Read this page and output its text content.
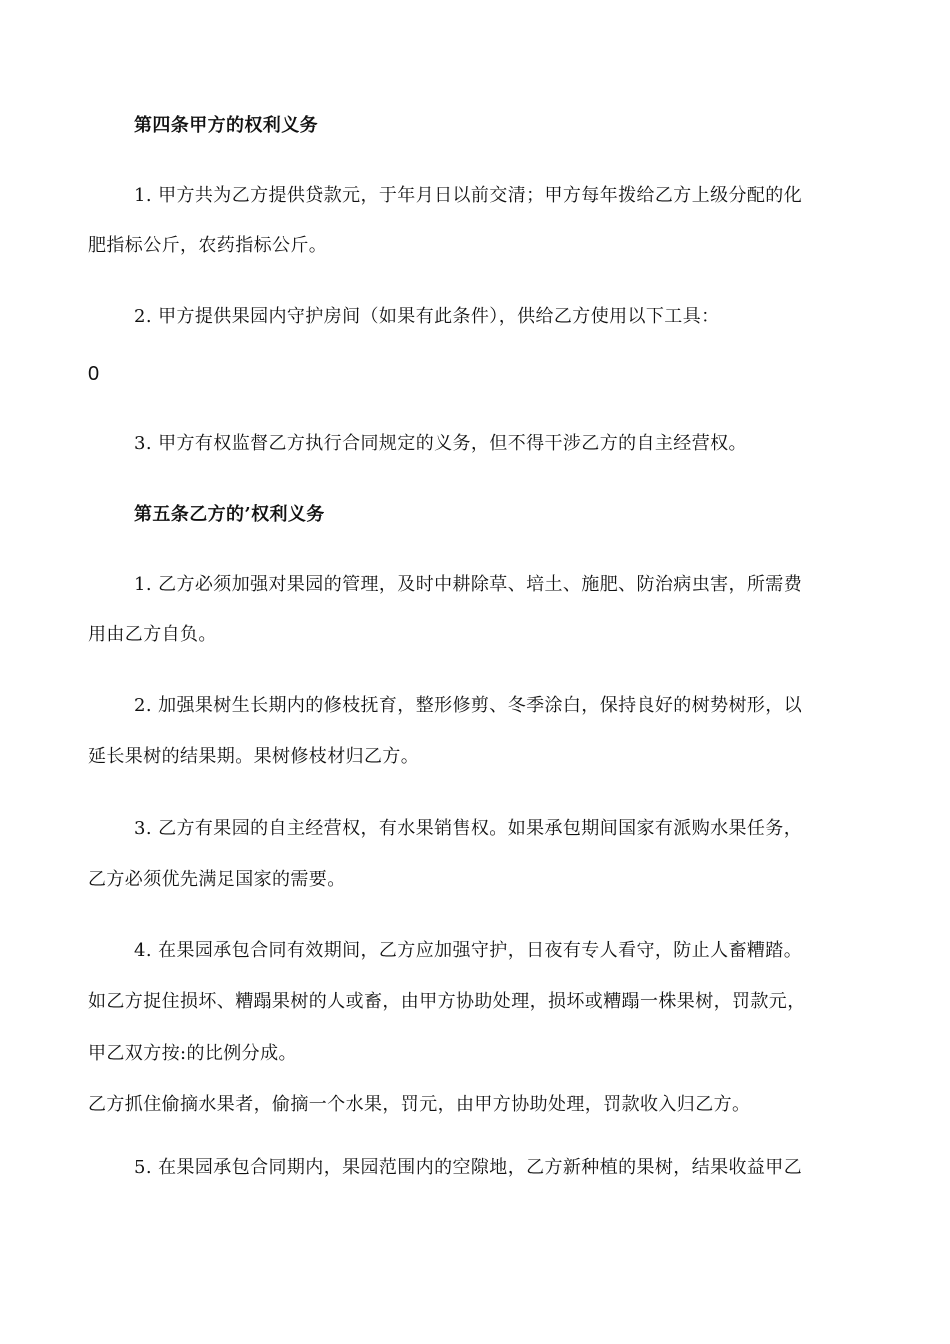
第四条甲方的权利义务
1. 甲方共为乙方提供贷款元，于年月日以前交清；甲方每年拨给乙方上级分配的化
肥指标公斤，农药指标公斤。
2. 甲方提供果园内守护房间（如果有此条件），供给乙方使用以下工具：
0
3. 甲方有权监督乙方执行合同规定的义务，但不得干涉乙方的自主经营权。
第五条乙方的’权利义务
1. 乙方必须加强对果园的管理，及时中耕除草、培土、施肥、防治病虫害，所需费
用由乙方自负。
2. 加强果树生长期内的修枝抚育，整形修剪、冬季涂白，保持良好的树势树形，以
延长果树的结果期。果树修枝材归乙方。
3. 乙方有果园的自主经营权，有水果销售权。如果承包期间国家有派购水果任务，
乙方必须优先满足国家的需要。
4. 在果园承包合同有效期间，乙方应加强守护，日夜有专人看守，防止人畜糟踏。
如乙方捉住损坏、糟蹋果树的人或畜，由甲方协助处理，损坏或糟蹋一株果树，罚款元，
甲乙双方按:的比例分成。
乙方抓住偷摘水果者，偷摘一个水果，罚元，由甲方协助处理，罚款收入归乙方。
5. 在果园承包合同期内，果园范围内的空隙地，乙方新种植的果树，结果收益甲乙
